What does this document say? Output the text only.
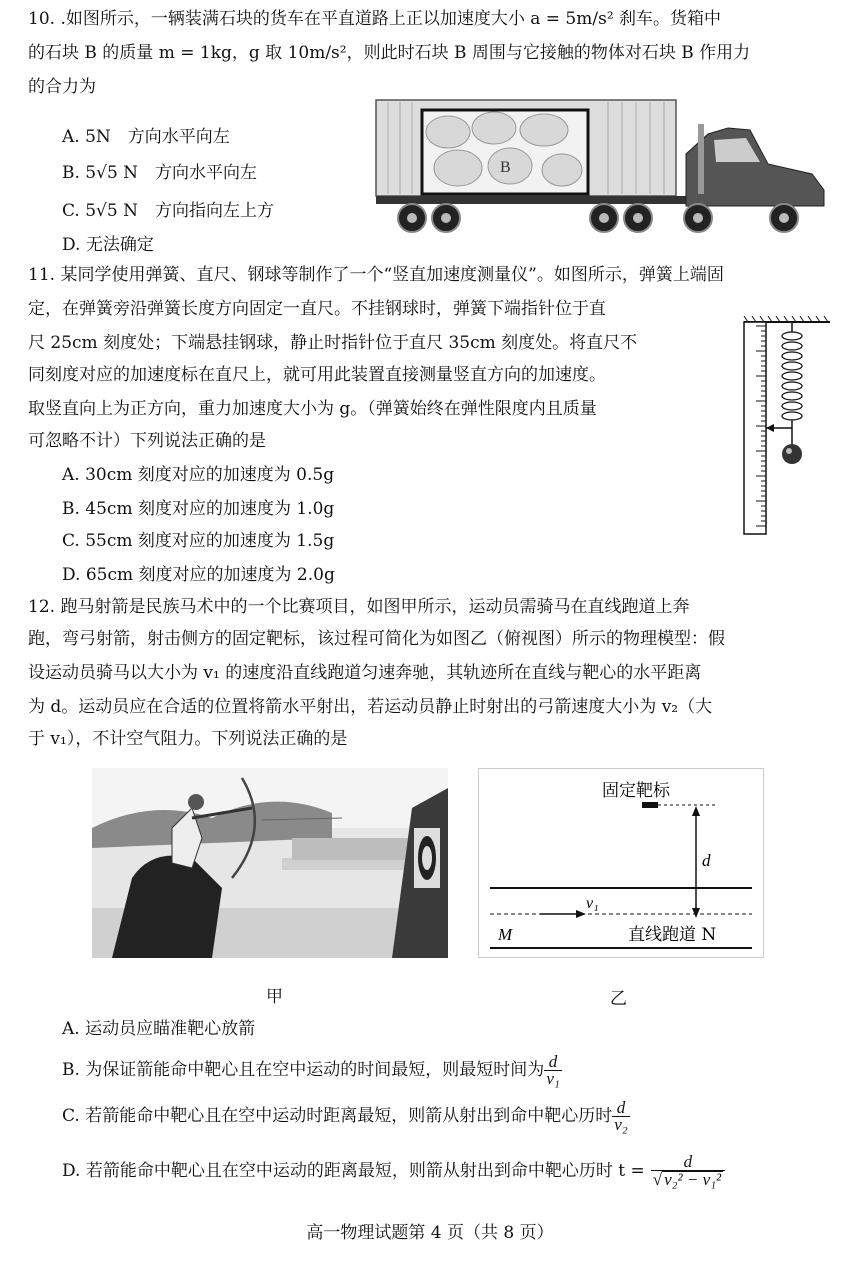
10. .如图所示，一辆装满石块的货车在平直道路上正以加速度大小 a = 5m/s² 刹车。货箱中
的石块 B 的质量 m = 1kg，g 取 10m/s²，则此时石块 B 周围与它接触的物体对石块 B 作用力
的合力为
A. 5N　方向水平向左
B. 5√5 N　方向水平向左
C. 5√5 N　方向指向左上方
D. 无法确定
B
11. 某同学使用弹簧、直尺、钢球等制作了一个“竖直加速度测量仪”。如图所示，弹簧上端固
定，在弹簧旁沿弹簧长度方向固定一直尺。不挂钢球时，弹簧下端指针位于直
尺 25cm 刻度处；下端悬挂钢球，静止时指针位于直尺 35cm 刻度处。将直尺不
同刻度对应的加速度标在直尺上，就可用此装置直接测量竖直方向的加速度。
取竖直向上为正方向，重力加速度大小为 g。（弹簧始终在弹性限度内且质量
可忽略不计）下列说法正确的是
A. 30cm 刻度对应的加速度为 0.5g
B. 45cm 刻度对应的加速度为 1.0g
C. 55cm 刻度对应的加速度为 1.5g
D. 65cm 刻度对应的加速度为 2.0g
12. 跑马射箭是民族马术中的一个比赛项目，如图甲所示，运动员需骑马在直线跑道上奔
跑，弯弓射箭，射击侧方的固定靶标，该过程可简化为如图乙（俯视图）所示的物理模型：假
设运动员骑马以大小为 v₁ 的速度沿直线跑道匀速奔驰，其轨迹所在直线与靶心的水平距离
为 d。运动员应在合适的位置将箭水平射出，若运动员静止时射出的弓箭速度大小为 v₂（大
于 v₁），不计空气阻力。下列说法正确的是
固定靶标
d
v₁
M	直线跑道 N
甲	乙
A. 运动员应瞄准靶心放箭
B. 为保证箭能命中靶心且在空中运动的时间最短，则最短时间为 $\frac{d}{\text{v₁}}$
C. 若箭能命中靶心且在空中运动时距离最短，则箭从射出到命中靶心历时 $\frac{d}{\text{v₂}}$
D. 若箭能命中靶心且在空中运动的距离最短，则箭从射出到命中靶心历时 $t = \frac{d}{\text{√ v₂² − v₁²}}$
高一物理试题第 4 页（共 8 页）
